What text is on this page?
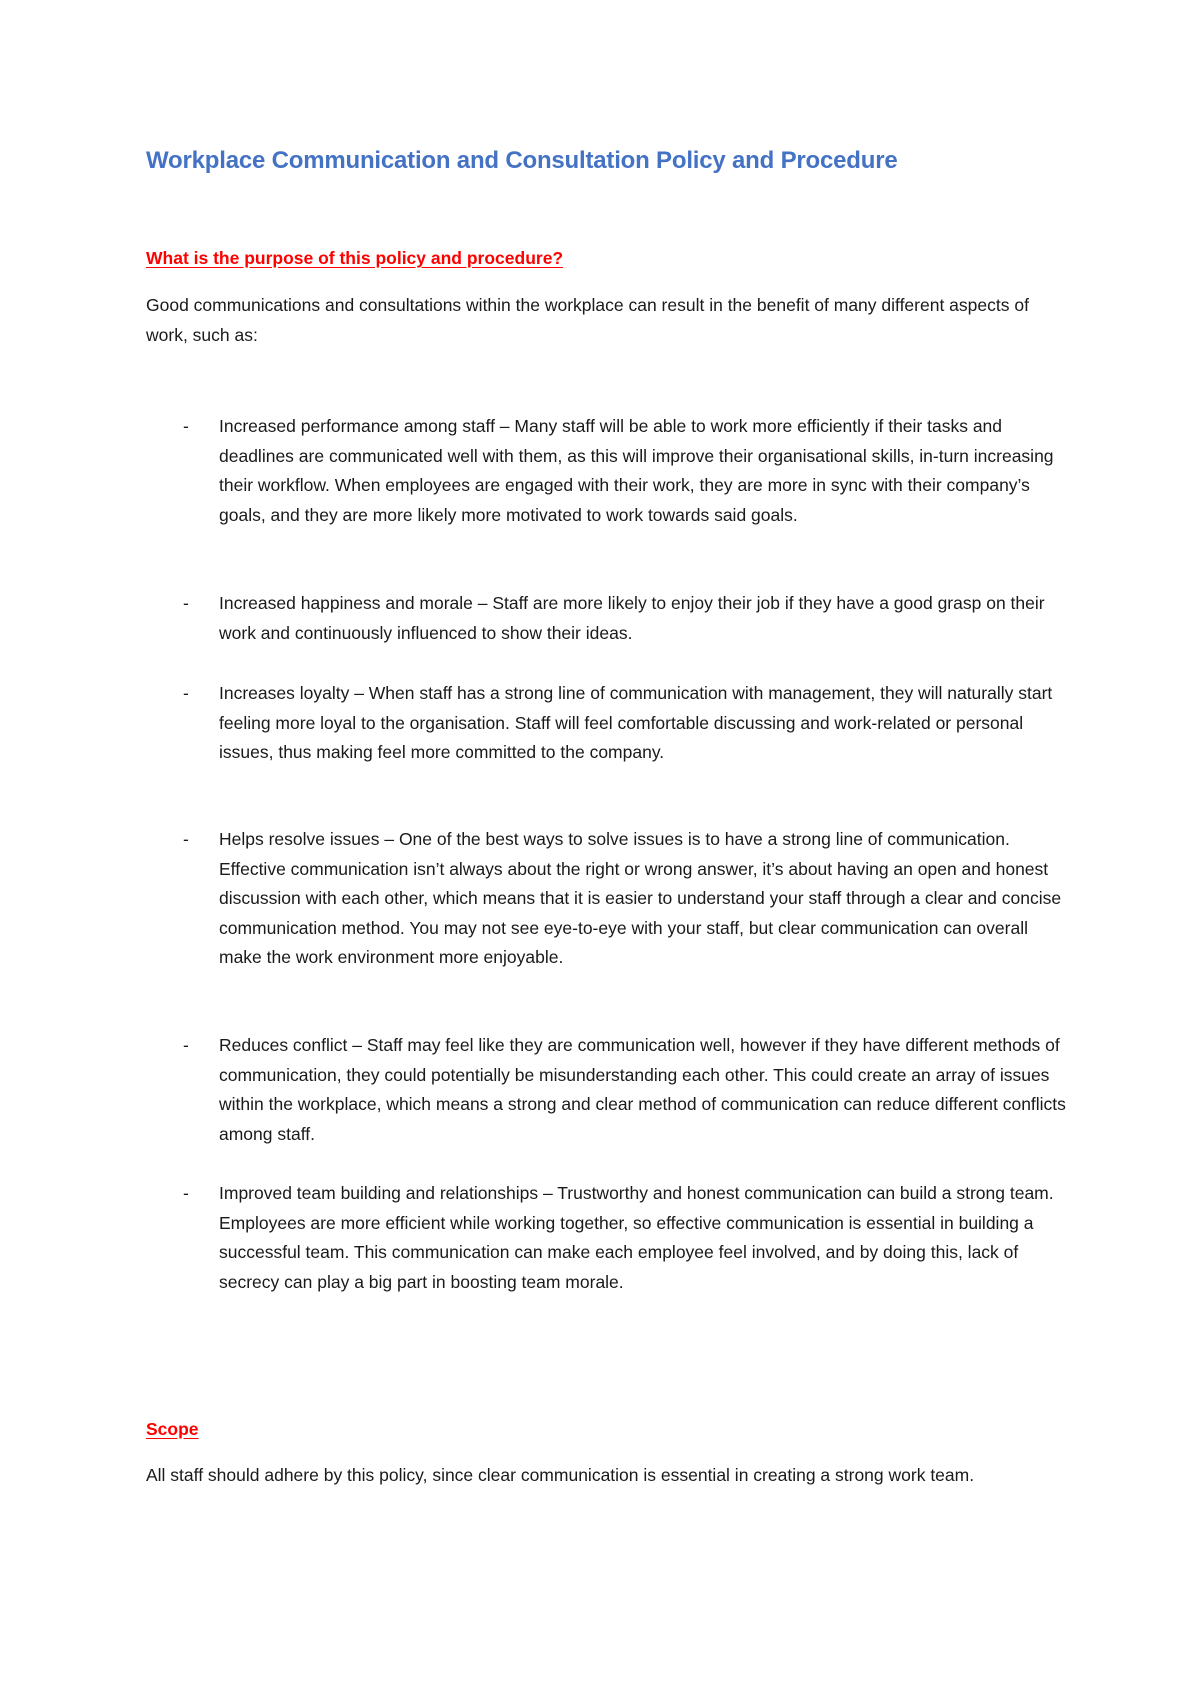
Workplace Communication and Consultation Policy and Procedure
What is the purpose of this policy and procedure?

Good communications and consultations within the workplace can result in the benefit of many different aspects of work, such as:

- Increased performance among staff – Many staff will be able to work more efficiently if their tasks and deadlines are communicated well with them, as this will improve their organisational skills, in-turn increasing their workflow. When employees are engaged with their work, they are more in sync with their company’s goals, and they are more likely more motivated to work towards said goals.
- Increased happiness and morale – Staff are more likely to enjoy their job if they have a good grasp on their work and continuously influenced to show their ideas.
- Increases loyalty – When staff has a strong line of communication with management, they will naturally start feeling more loyal to the organisation. Staff will feel comfortable discussing and work-related or personal issues, thus making feel more committed to the company.
- Helps resolve issues – One of the best ways to solve issues is to have a strong line of communication. Effective communication isn’t always about the right or wrong answer, it’s about having an open and honest discussion with each other, which means that it is easier to understand your staff through a clear and concise communication method. You may not see eye-to-eye with your staff, but clear communication can overall make the work environment more enjoyable.
- Reduces conflict – Staff may feel like they are communication well, however if they have different methods of communication, they could potentially be misunderstanding each other. This could create an array of issues within the workplace, which means a strong and clear method of communication can reduce different conflicts among staff.
- Improved team building and relationships – Trustworthy and honest communication can build a strong team. Employees are more efficient while working together, so effective communication is essential in building a successful team. This communication can make each employee feel involved, and by doing this, lack of secrecy can play a big part in boosting team morale.
Scope

All staff should adhere by this policy, since clear communication is essential in creating a strong work team.
